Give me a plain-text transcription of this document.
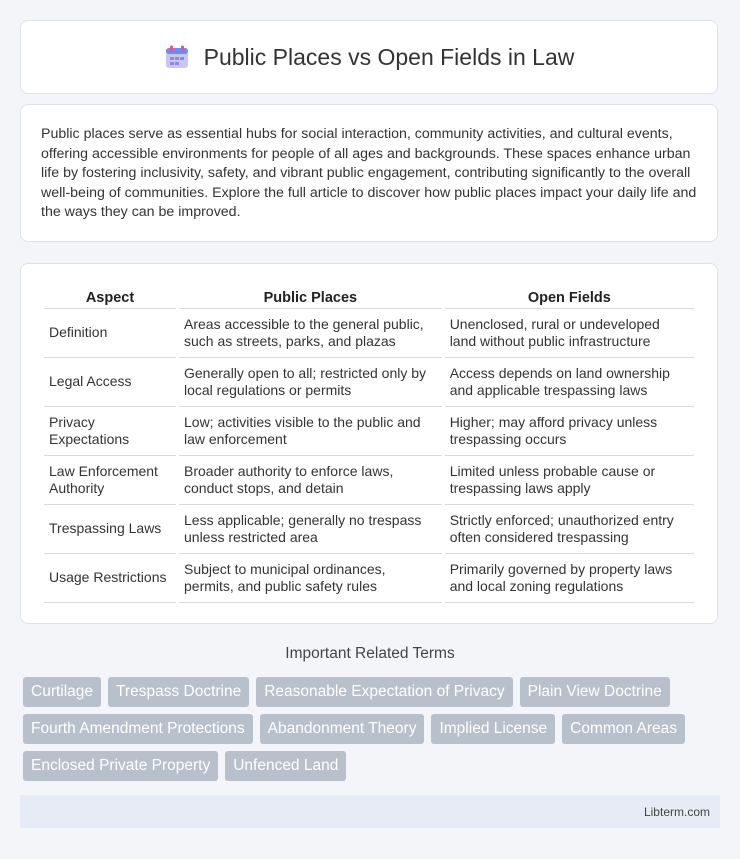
Public Places vs Open Fields in Law

Public places serve as essential hubs for social interaction, community activities, and cultural events, offering accessible environments for people of all ages and backgrounds. These spaces enhance urban life by fostering inclusivity, safety, and vibrant public engagement, contributing significantly to the overall well-being of communities. Explore the full article to discover how public places impact your daily life and the ways they can be improved.

Aspect	Public Places	Open Fields
Definition	Areas accessible to the general public, such as streets, parks, and plazas	Unenclosed, rural or undeveloped land without public infrastructure
Legal Access	Generally open to all; restricted only by local regulations or permits	Access depends on land ownership and applicable trespassing laws
Privacy Expectations	Low; activities visible to the public and law enforcement	Higher; may afford privacy unless trespassing occurs
Law Enforcement Authority	Broader authority to enforce laws, conduct stops, and detain	Limited unless probable cause or trespassing laws apply
Trespassing Laws	Less applicable; generally no trespass unless restricted area	Strictly enforced; unauthorized entry often considered trespassing
Usage Restrictions	Subject to municipal ordinances, permits, and public safety rules	Primarily governed by property laws and local zoning regulations
Important Related Terms
Curtilage	Trespass Doctrine	Reasonable Expectation of Privacy	Plain View Doctrine
Fourth Amendment Protections	Abandonment Theory	Implied License	Common Areas
Enclosed Private Property	Unfenced Land
Libterm.com
